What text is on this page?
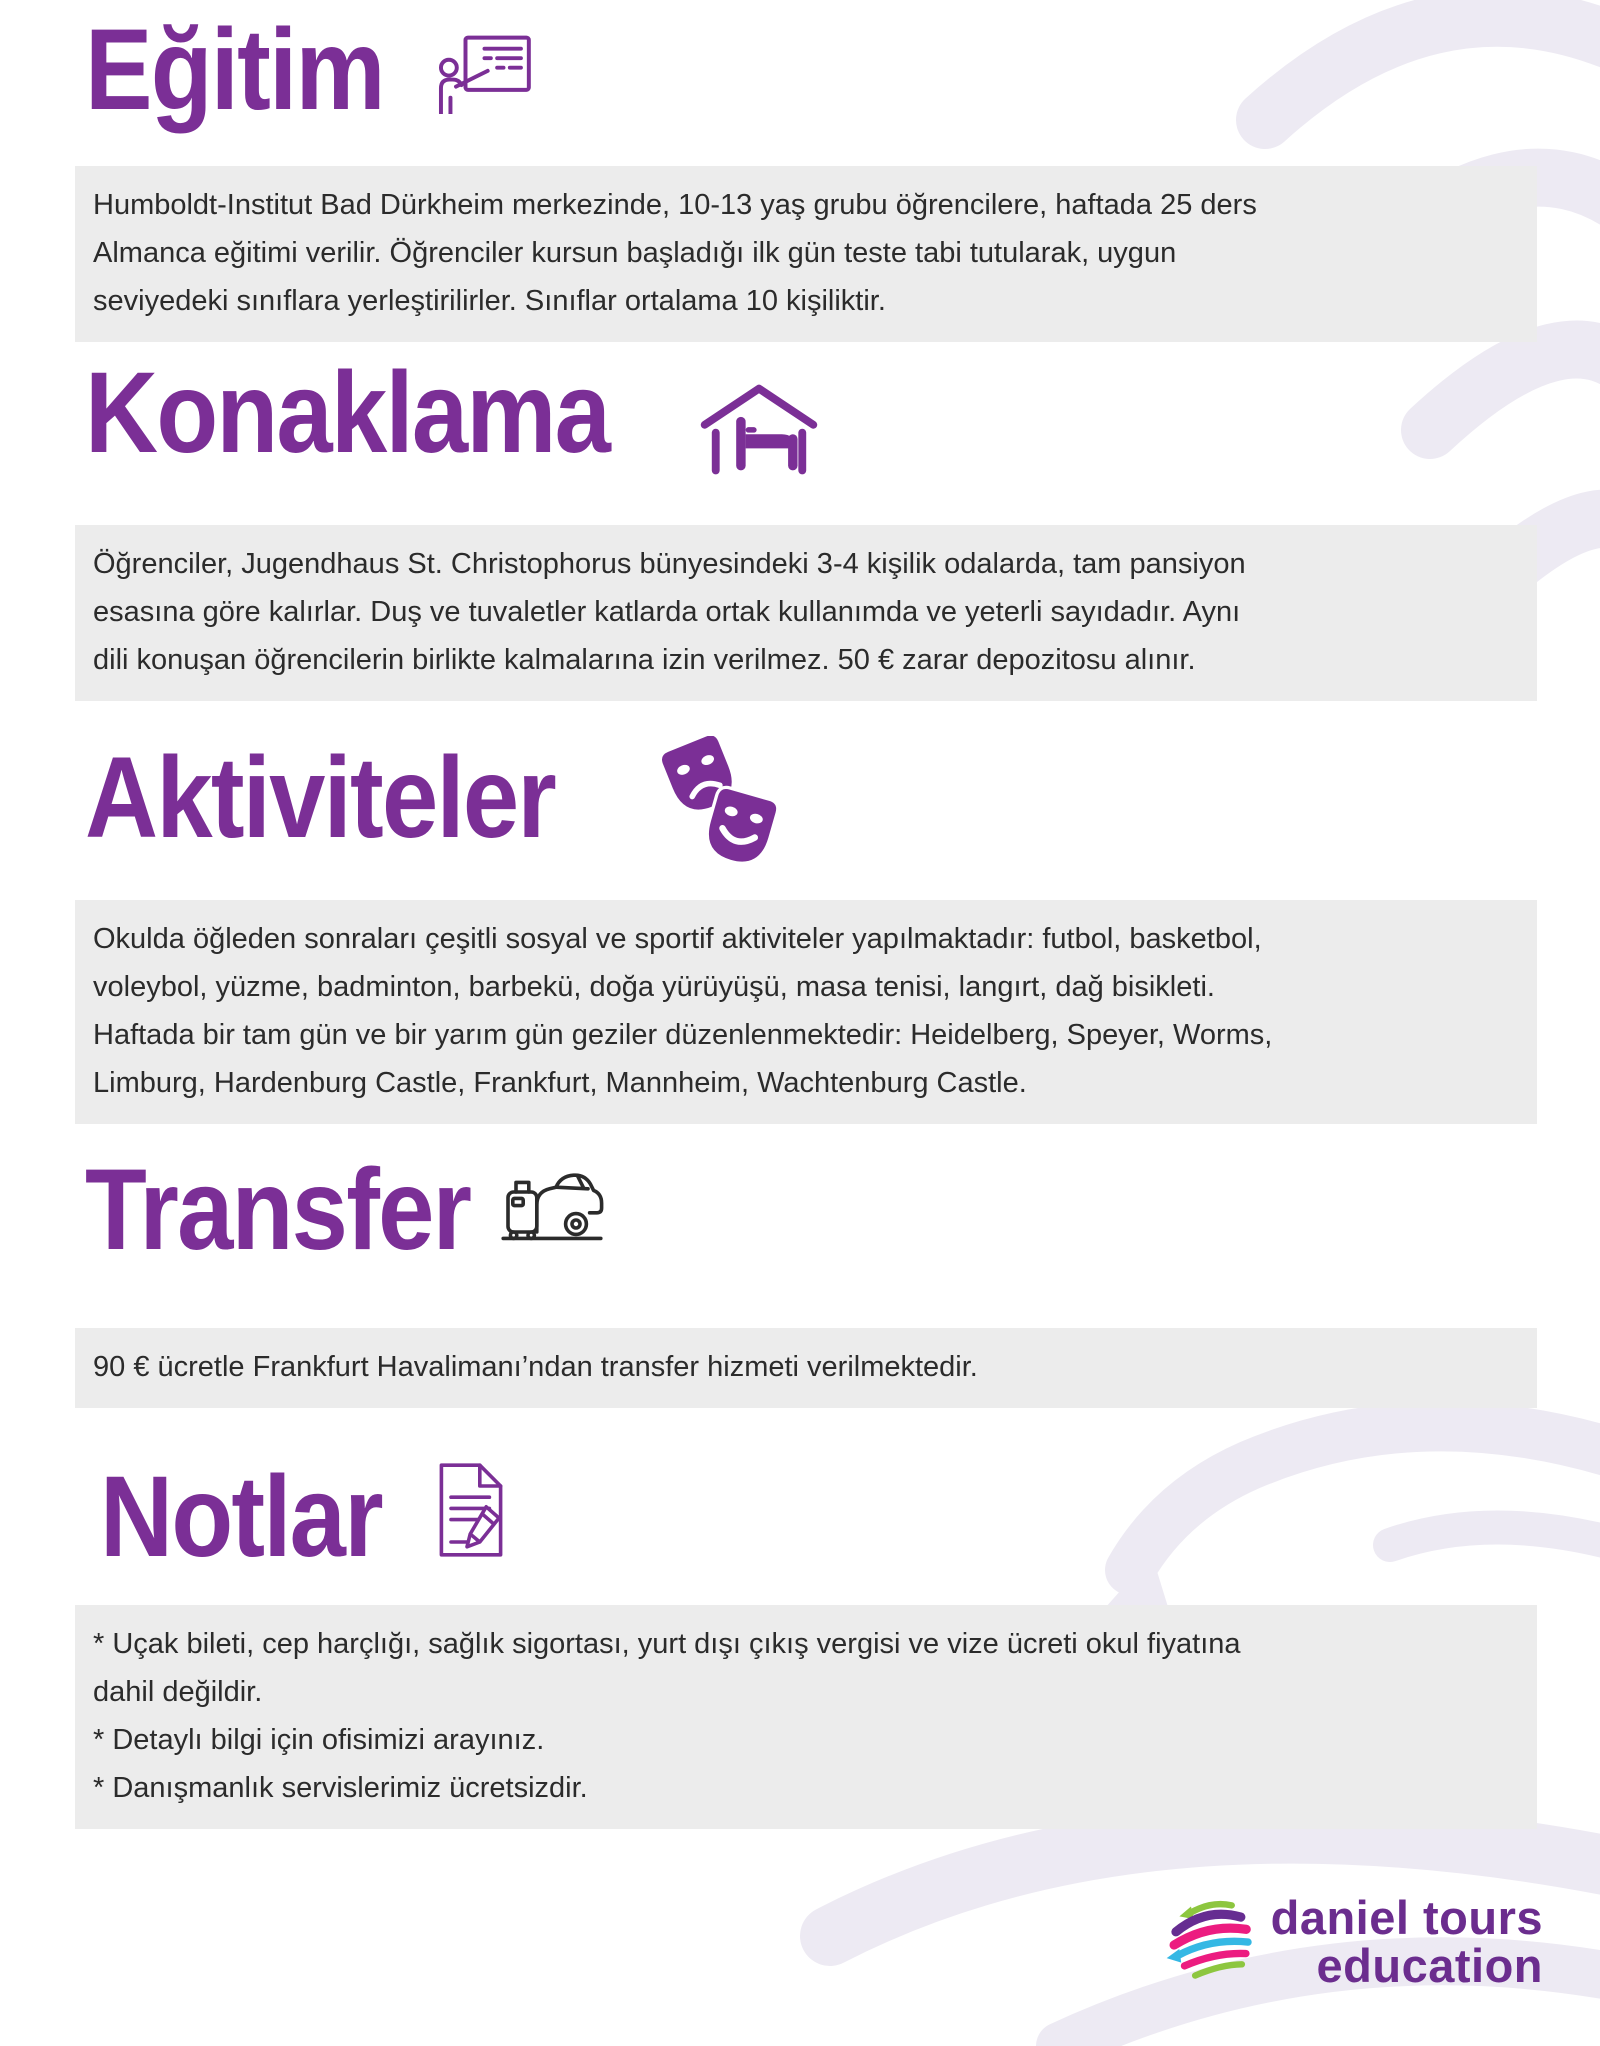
Eğitim
Humboldt-Institut Bad Dürkheim merkezinde, 10-13 yaş grubu öğrencilere, haftada 25 ders
Almanca eğitimi verilir. Öğrenciler kursun başladığı ilk gün teste tabi tutularak, uygun
seviyedeki sınıflara yerleştirilirler. Sınıflar ortalama 10 kişiliktir.
Konaklama
Öğrenciler, Jugendhaus St. Christophorus bünyesindeki 3-4 kişilik odalarda, tam pansiyon
esasına göre kalırlar. Duş ve tuvaletler katlarda ortak kullanımda ve yeterli sayıdadır. Aynı
dili konuşan öğrencilerin birlikte kalmalarına izin verilmez. 50 € zarar depozitosu alınır.
Aktiviteler
Okulda öğleden sonraları çeşitli sosyal ve sportif aktiviteler yapılmaktadır: futbol, basketbol,
voleybol, yüzme, badminton, barbekü, doğa yürüyüşü, masa tenisi, langırt, dağ bisikleti.
Haftada bir tam gün ve bir yarım gün geziler düzenlenmektedir: Heidelberg, Speyer, Worms,
Limburg, Hardenburg Castle, Frankfurt, Mannheim, Wachtenburg Castle.
Transfer
90 € ücretle Frankfurt Havalimanı’ndan transfer hizmeti verilmektedir.
Notlar
* Uçak bileti, cep harçlığı, sağlık sigortası, yurt dışı çıkış vergisi ve vize ücreti okul fiyatına
dahil değildir.
* Detaylı bilgi için ofisimizi arayınız.
* Danışmanlık servislerimiz ücretsizdir.
daniel tours
education
